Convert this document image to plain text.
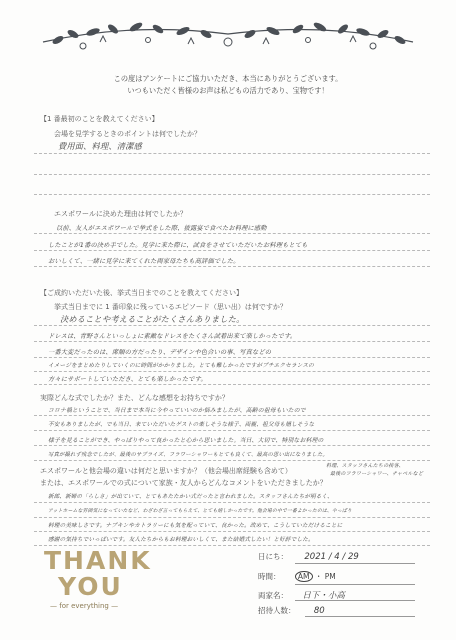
この度はアンケートにご協力いただき、本当にありがとうございます。
いつもいただく皆様のお声は私どもの活力であり、宝物です！
【1 番最初のことを教えてください】
会場を見学するときのポイントは何でしたか？
費用面、料理、清潔感
エスポワールに決めた理由は何でしたか？
以前、友人がエスポワールで挙式をした際、披露宴で食べたお料理に感動
したことが1番の決め手でした。見学に来た際に、試食をさせていただいたお料理もとても
おいしくて、一緒に見学に来てくれた両家母たちも高評価でした。
【ご成約いただいた後、挙式当日までのことを教えてください】
挙式当日までに 1 番印象に残っているエピソード（思い出）は何ですか？
決めることや考えることがたくさんありました。
ドレスは、青野さんといっしょに素敵なドレスをたくさん試着出来て楽しかったです。
一番大変だったのは、席順の方だったり、デザインや色合いの事、写真などの
イメージをまとめたりしていくのに時間がかかりました。とても難しかったですがプチエクセランスの
方々にサポートしていただき、とても楽しかったです。
実際どんな式でしたか？また、どんな感想をお持ちですか？
コロナ禍ということで、当日まで本当に今やっていいのか悩みましたが、高齢の祖母もいたので
不安もありましたが、でも当日、来ていただいたゲストの楽しそうな様子、両親、祖父母も嬉しそうな
様子を見ることができ、やっぱりやって良かったと心から思いました。当日、大切で、特別なお料理の
写真が撮れず残念でしたが、最後のサプライズ、フラワーシャワーもとても良くて、最高の思い出になりました。
エスポワールと他会場の違いは何だと思いますか？（他会場出席経験も含めて）
料理、スタッフさんたちの接客、
最後のフラワーシャワー、チャペルなど
または、エスポワールでの式について家族・友人からどんなコメントをいただきましたか？
新郎、新婦の「らしさ」が出ていて、とてもあたたかい式だったと言われました。スタッフさんたちが明るく、
アットホームな雰囲気になっていたなど、わざわざ言ってもらえて、とても嬉しかったです。他会場の中で一番よかったのは、やっぱり
料理の美味しさです。ナプキンやカトラリーにも気を配っていて、良かった。改めて、こうしていただけることに
感謝の気持ちでいっぱいです。友人たちからもお料理おいしくて、また結婚式したい！と好評でした。
THANK
YOU
— for everything —
日にち： 2021 / 4 / 29
時間： AM ・ PM
両家名： 日下・小高
招待人数： 80
